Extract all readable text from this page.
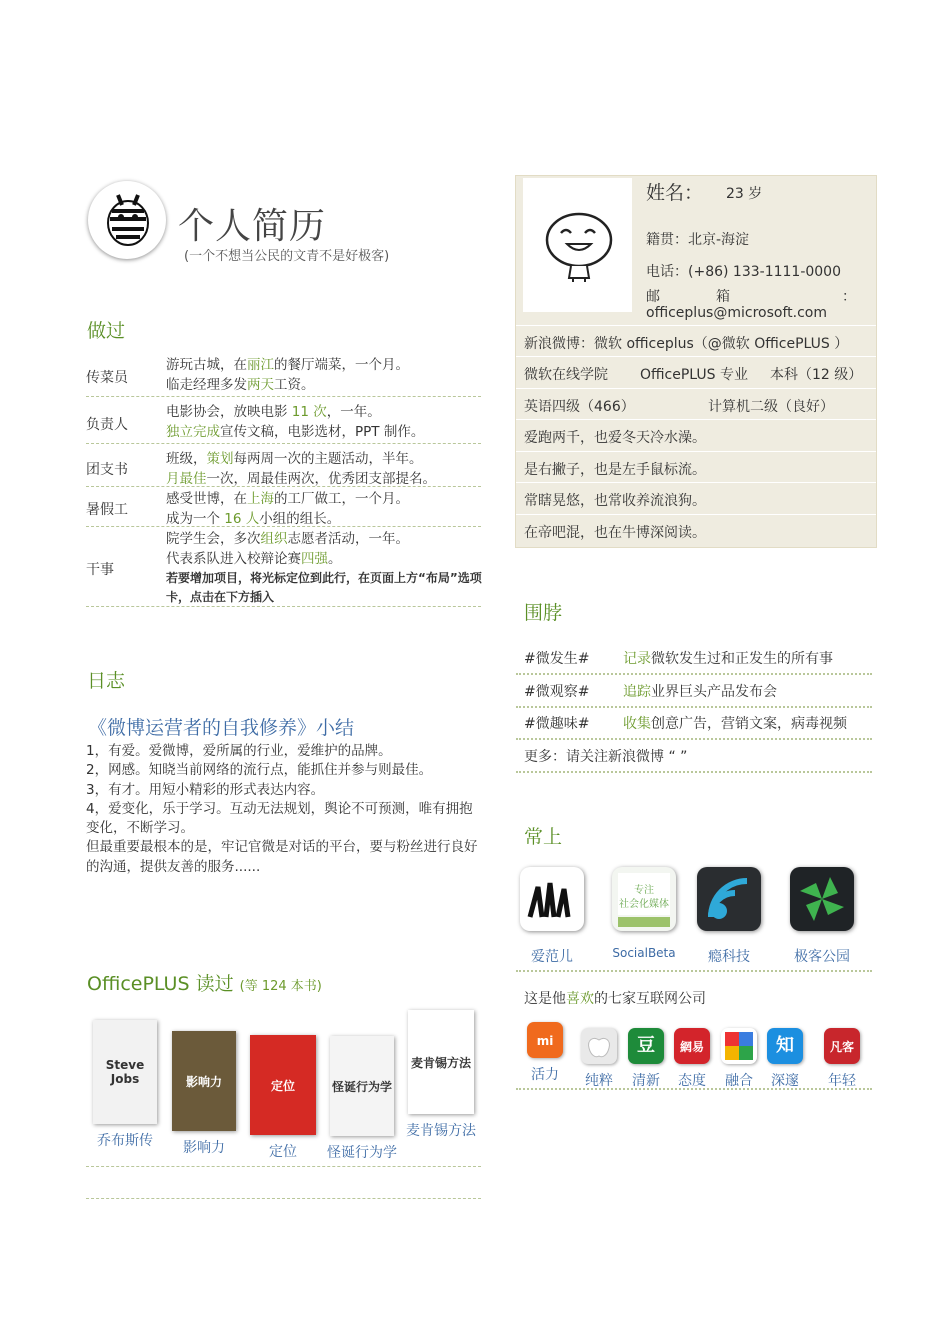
个人简历
(一个不想当公民的文青不是好极客)
做过
传菜员
游玩古城，在丽江的餐厅端菜，一个月。
临走经理多发两天工资。
负责人
电影协会，放映电影 11 次，一年。
独立完成宣传文稿，电影选材，PPT 制作。
团支书
班级，策划每两周一次的主题活动，半年。
月最佳一次，周最佳两次，优秀团支部提名。
暑假工
感受世博，在上海的工厂做工，一个月。
成为一个 16 人小组的组长。
干事
院学生会，多次组织志愿者活动，一年。
代表系队进入校辩论赛四强。
若要增加项目，将光标定位到此行，在页面上方“布局”选项卡，点击在下方插入
日志
《微博运营者的自我修养》小结
1，有爱。爱微博，爱所属的行业，爱维护的品牌。
2，网感。知晓当前网络的流行点，能抓住并参与则最佳。
3，有才。用短小精彩的形式表达内容。
4，爱变化，乐于学习。互动无法规划，舆论不可预测，唯有拥抱变化，不断学习。
但最重要最根本的是，牢记官微是对话的平台，要与粉丝进行良好的沟通，提供友善的服务......
OfficePLUS 读过 (等 124 本书)
Steve Jobs
乔布斯传
影响力
影响力
定位
定位
怪诞行为学
怪诞行为学
麦肯锡方法
麦肯锡方法
姓名： 23 岁
籍贯：北京-海淀
电话：(+86) 133-1111-0000
邮　　　　箱　　　　　　　　：
officeplus@microsoft.com
新浪微博：微软 officeplus（@微软 OfficePLUS ）
微软在线学院 OfficePLUS 专业 本科（12 级）
英语四级（466）	计算机二级（良好）
爱跑两千，也爱冬天冷水澡。
是右撇子，也是左手鼠标流。
常瞎晃悠，也常收养流浪狗。
在帝吧混，也在牛博深阅读。
围脖
#微发生# 记录微软发生过和正发生的所有事
#微观察# 追踪业界巨头产品发布会
#微趣味# 收集创意广告，营销文案，病毒视频
更多：请关注新浪微博 “ ”
常上
爱范儿
专注
社会化媒体
SocialBeta	瘾科技	极客公园
这是他喜欢的七家互联网公司
mi
活力	纯粹
豆
清新
網易
态度	融合
知
深邃
凡客
年轻
